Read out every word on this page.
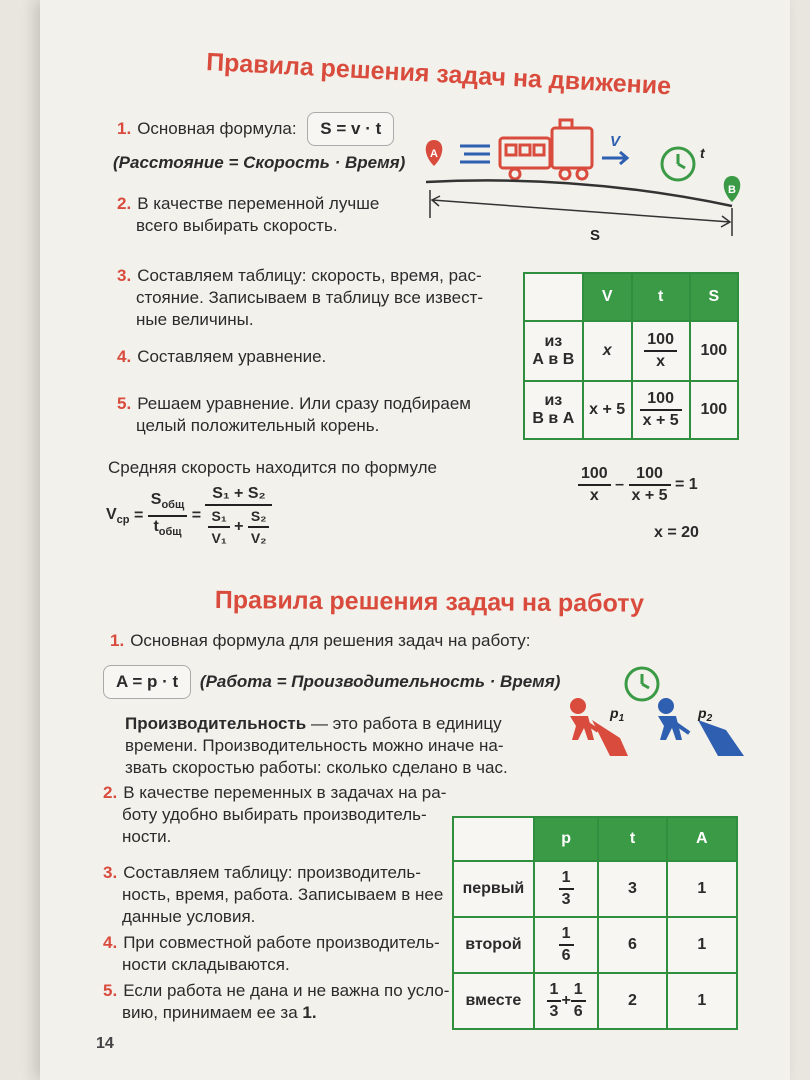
Правила решения задач на движение
1. Основная формула: S = v · t
(Расстояние = Скорость · Время)
2. В качестве переменной лучше
всего выбирать скорость.
3. Составляем таблицу: скорость, время, рас-
стояние. Записываем в таблицу все извест-
ные величины.
4. Составляем уравнение.
5. Решаем уравнение. Или сразу подбираем
целый положительный корень.
Средняя скорость находится по формуле
A
V
t
B
S
	V	t	S
из
А в В	x	$\frac{100}{x}$	100
из
В в А	x + 5	$\frac{100}{x + 5}$	100
$\frac{100}{x} - \frac{100}{x + 5} = 1$
x = 20
$V_{ср} = \frac{S_{общ}}{t_{общ}} = \frac{\text{S₁ + S₂}}{\frac{\text{S₁}}{\text{V₁}} + \frac{\text{S₂}}{\text{V₂}}}$
Правила решения задач на работу
1. Основная формула для решения задач на работу:
A = p · t (Работа = Производительность · Время)
Производительность — это работа в единицу
времени. Производительность можно иначе на-
звать скоростью работы: сколько сделано в час.
2. В качестве переменных в задачах на ра-
боту удобно выбирать производитель-
ности.
3. Составляем таблицу: производитель-
ность, время, работа. Записываем в нее
данные условия.
4. При совместной работе производитель-
ности складываются.
5. Если работа не дана и не важна по усло-
вию, принимаем ее за 1.
$p_1$	$p_2$
	p	t	A
первый	$\frac{1}{3}$	3	1
второй	$\frac{1}{6}$	6	1
вместе	$\frac{1}{3} + \frac{1}{6}$	2	1
14
